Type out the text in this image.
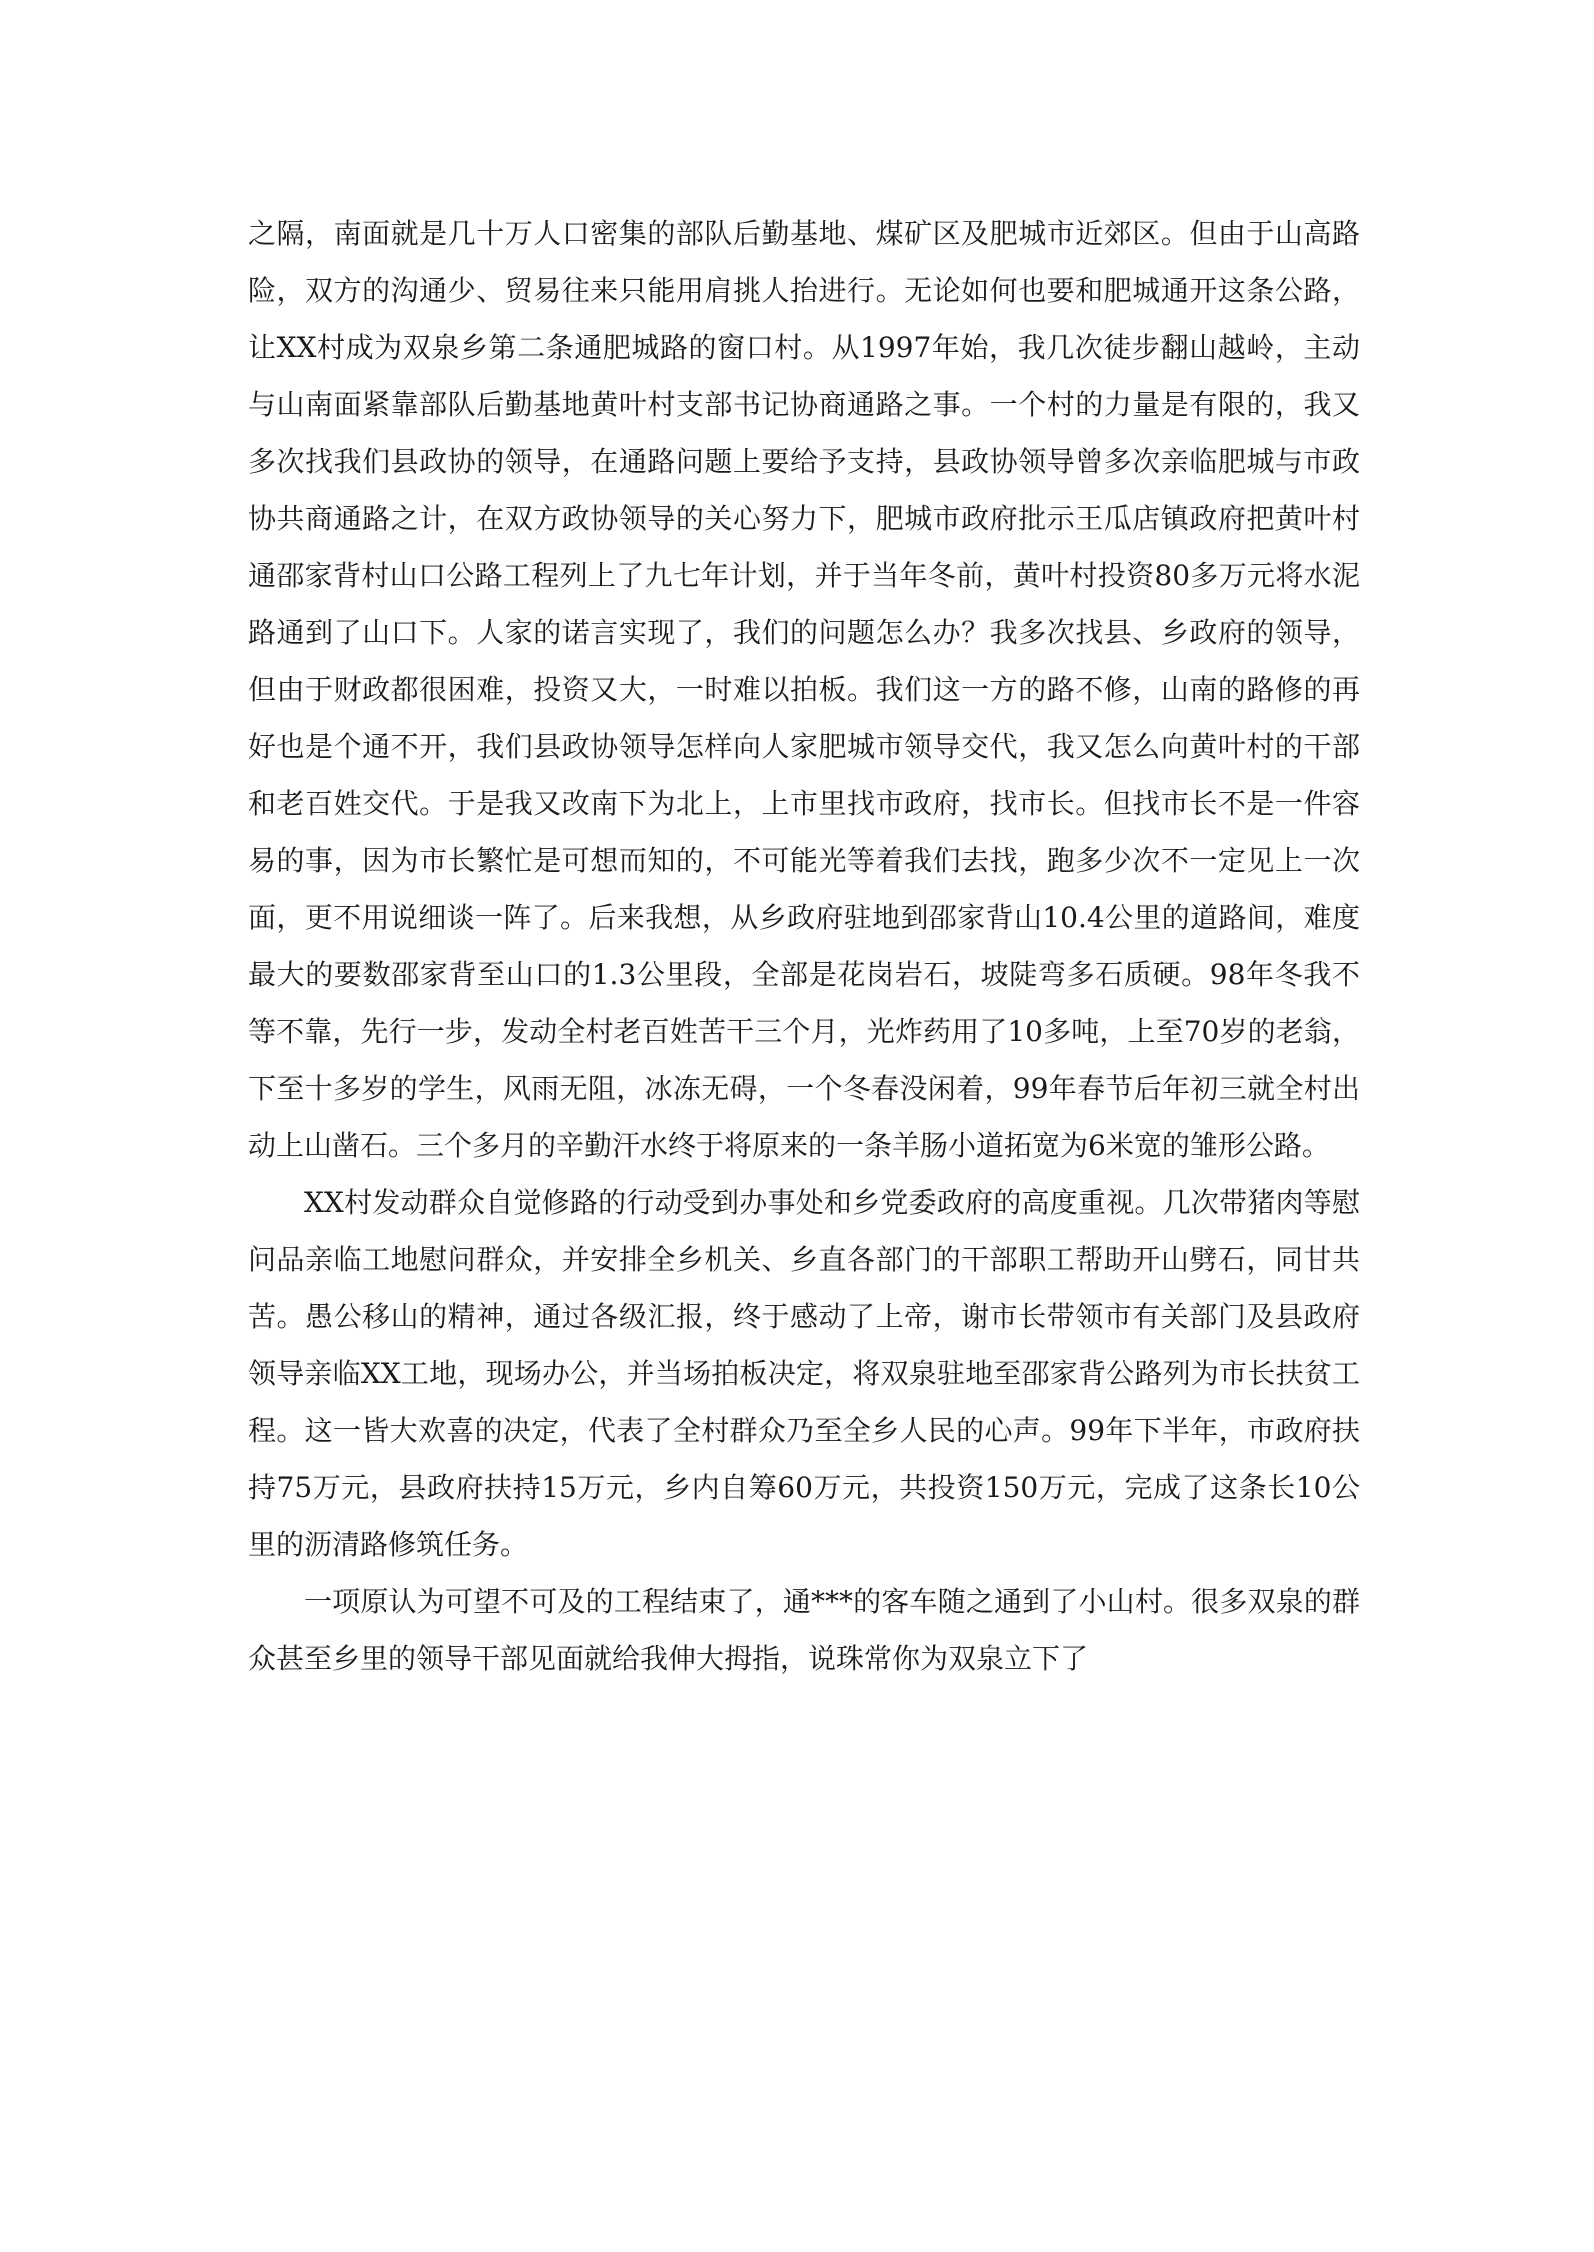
之隔，南面就是几十万人口密集的部队后勤基地、煤矿区及肥城市近郊区。但由于山高路险，双方的沟通少、贸易往来只能用肩挑人抬进行。无论如何也要和肥城通开这条公路，让XX村成为双泉乡第二条通肥城路的窗口村。从1997年始，我几次徒步翻山越岭，主动与山南面紧靠部队后勤基地黄叶村支部书记协商通路之事。一个村的力量是有限的，我又多次找我们县政协的领导，在通路问题上要给予支持，县政协领导曾多次亲临肥城与市政协共商通路之计，在双方政协领导的关心努力下，肥城市政府批示王瓜店镇政府把黄叶村通邵家背村山口公路工程列上了九七年计划，并于当年冬前，黄叶村投资80多万元将水泥路通到了山口下。人家的诺言实现了，我们的问题怎么办？我多次找县、乡政府的领导，但由于财政都很困难，投资又大，一时难以拍板。我们这一方的路不修，山南的路修的再好也是个通不开，我们县政协领导怎样向人家肥城市领导交代，我又怎么向黄叶村的干部和老百姓交代。于是我又改南下为北上，上市里找市政府，找市长。但找市长不是一件容易的事，因为市长繁忙是可想而知的，不可能光等着我们去找，跑多少次不一定见上一次面，更不用说细谈一阵了。后来我想，从乡政府驻地到邵家背山10.4公里的道路间，难度最大的要数邵家背至山口的1.3公里段，全部是花岗岩石，坡陡弯多石质硬。98年冬我不等不靠，先行一步，发动全村老百姓苦干三个月，光炸药用了10多吨，上至70岁的老翁，下至十多岁的学生，风雨无阻，冰冻无碍，一个冬春没闲着，99年春节后年初三就全村出动上山凿石。三个多月的辛勤汗水终于将原来的一条羊肠小道拓宽为6米宽的雏形公路。

XX村发动群众自觉修路的行动受到办事处和乡党委政府的高度重视。几次带猪肉等慰问品亲临工地慰问群众，并安排全乡机关、乡直各部门的干部职工帮助开山劈石，同甘共苦。愚公移山的精神，通过各级汇报，终于感动了上帝，谢市长带领市有关部门及县政府领导亲临XX工地，现场办公，并当场拍板决定，将双泉驻地至邵家背公路列为市长扶贫工程。这一皆大欢喜的决定，代表了全村群众乃至全乡人民的心声。99年下半年，市政府扶持75万元，县政府扶持15万元，乡内自筹60万元，共投资150万元，完成了这条长10公里的沥清路修筑任务。

一项原认为可望不可及的工程结束了，通***的客车随之通到了小山村。很多双泉的群众甚至乡里的领导干部见面就给我伸大拇指，说珠常你为双泉立下了
